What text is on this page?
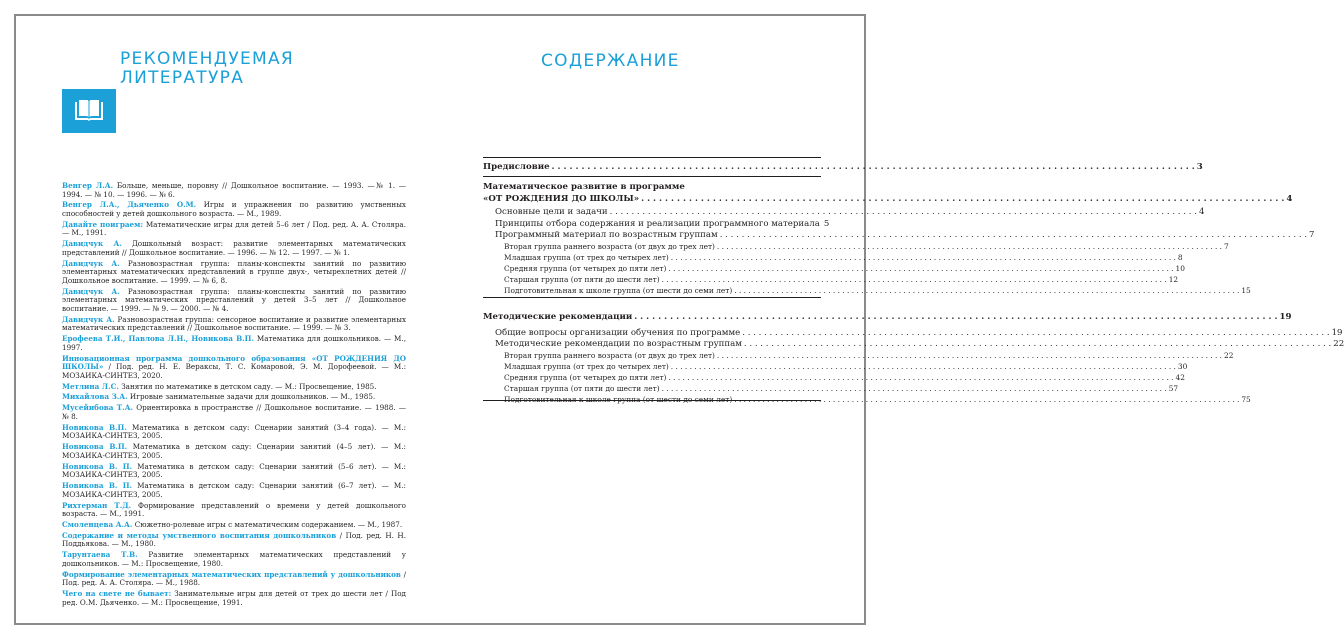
РЕКОМЕНДУЕМАЯ ЛИТЕРАТУРА

Венгер Л.А. Больше, меньше, поровну // Дошкольное воспитание. — 1993. —№ 1. — 1994. — № 10. — 1996. — № 6.

Венгер Л.А., Дьяченко О.М. Игры и упражнения по развитию умственных способностей у детей дошкольного возраста. — М., 1989.

Давайте поиграем: Математические игры для детей 5–6 лет / Под. ред. А. А. Столяра. — М., 1991.

Давидчук А. Дошкольный возраст: развитие элементарных математических представлений // Дошкольное воспитание. — 1996. — № 12. — 1997. — № 1.

Давидчук А. Разновозрастная группа: планы-конспекты занятий по развитию элементарных математических представлений в группе двух-, четырехлетних детей // Дошкольное воспитание. — 1999. — № 6, 8.

Давидчук А. Разновозрастная группа: планы-конспекты занятий по развитию элементарных математических представлений у детей 3–5 лет // Дошкольное воспитание. — 1999. — № 9. — 2000. — № 4.

Давидчук А. Разновозрастная группа: сенсорное воспитание и развитие элементарных математических представлений // Дошкольное воспитание. — 1999. — № 3.

Ерофеева Т.И., Павлова Л.Н., Новикова В.П. Математика для дошкольников. — М., 1997.

Инновационная программа дошкольного образования «ОТ РОЖДЕНИЯ ДО ШКОЛЫ» / Под. ред. Н. Е. Вераксы, Т. С. Комаровой, Э. М. Дорофеевой. — М.: МОЗАИКА-СИНТЕЗ, 2020.

Метлина Л.С. Занятия по математике в детском саду. — М.: Просвещение, 1985.

Михайлова З.А. Игровые занимательные задачи для дошкольников. — М., 1985.

Мусейибова Т.А. Ориентировка в пространстве // Дошкольное воспитание. — 1988. — № 8.

Новикова В.П. Математика в детском саду: Сценарии занятий (3–4 года). — М.: МОЗАИКА-СИНТЕЗ, 2005.

Новикова В.П. Математика в детском саду: Сценарии занятий (4–5 лет). — М.: МОЗАИКА-СИНТЕЗ, 2005.

Новикова В. П. Математика в детском саду: Сценарии занятий (5–6 лет). — М.: МОЗАИКА-СИНТЕЗ, 2005.

Новикова В. П. Математика в детском саду: Сценарии занятий (6–7 лет). — М.: МОЗАИКА-СИНТЕЗ, 2005.

Рихтерман Т.Д. Формирование представлений о времени у детей дошкольного возраста. — М., 1991.

Смоленцева А.А. Сюжетно-ролевые игры с математическим содержанием. — М., 1987.

Содержание и методы умственного воспитания дошкольников / Под. ред. Н. Н. Поддьякова. — М., 1980.

Тарунтаева Т.В. Развитие элементарных математических представлений у дошкольников. — М.: Просвещение, 1980.

Формирование элементарных математических представлений у дошкольников / Под. ред. А. А. Столяра. — М., 1988.

Чего на свете не бывает: Занимательные игры для детей от трех до шести лет / Под ред. О.М. Дьяченко. — М.: Просвещение, 1991.

СОДЕРЖАНИЕ
Предисловие . . .	3
Математическое развитие в программе
«ОТ РОЖДЕНИЯ ДО ШКОЛЫ» . . .	4
Основные цели и задачи . . .	4
Принципы отбора содержания и реализации программного материала 5
Программный материал по возрастным группам . . .	7
Вторая группа раннего возраста (от двух до трех лет) . . .	7
Младшая группа (от трех до четырех лет) . . .	8
Средняя группа (от четырех до пяти лет) . . .	10
Старшая группа (от пяти до шести лет) . . .	12
Подготовительная к школе группа (от шести до семи лет) . . .	15
Методические рекомендации . . .	19
Общие вопросы организации обучения по программе . . .	19
Методические рекомендации по возрастным группам . . .	22
Вторая группа раннего возраста (от двух до трех лет) . . .	22
Младшая группа (от трех до четырех лет) . . .	30
Средняя группа (от четырех до пяти лет) . . .	42
Старшая группа (от пяти до шести лет) . . .	57
Подготовительная к школе группа (от шести до семи лет) . . .	75
